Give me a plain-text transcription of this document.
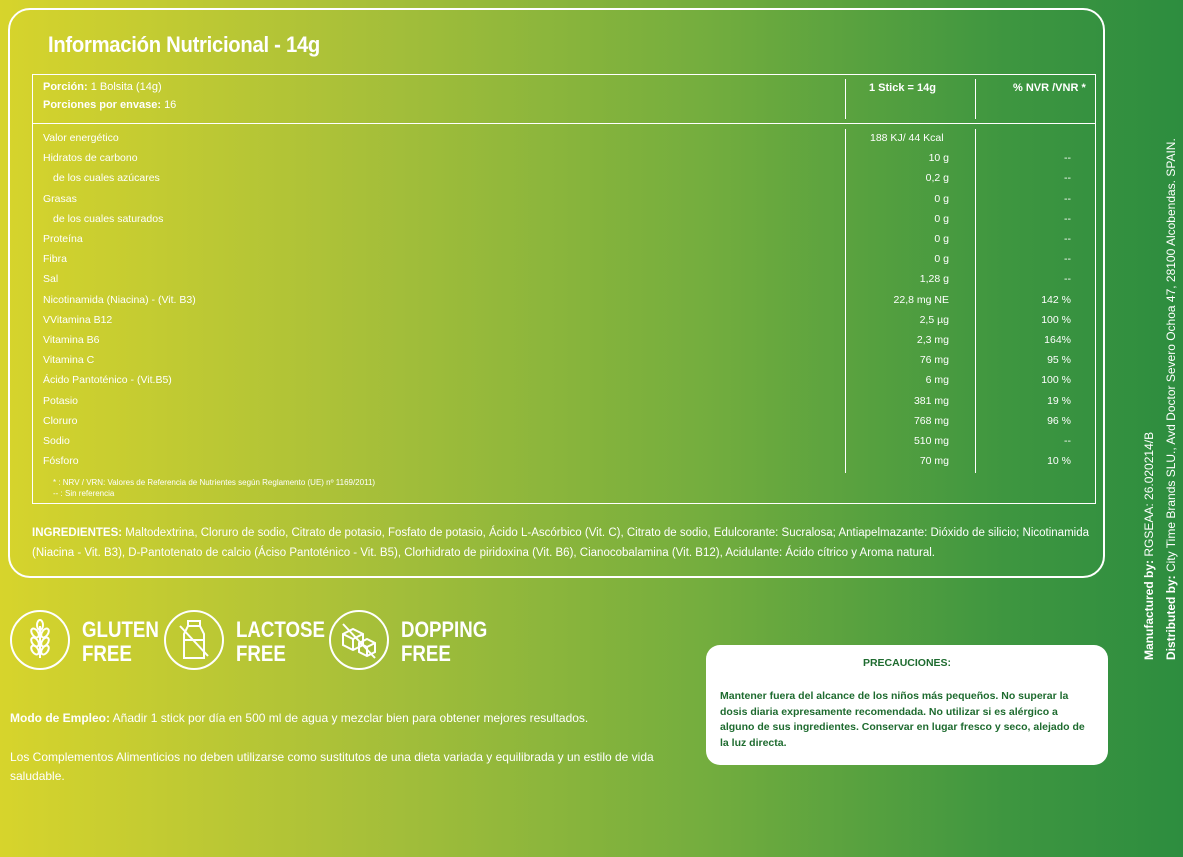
Información Nutricional - 14g
Porción: 1 Bolsita (14g)
Porciones por envase: 16
1 Stick = 14g	% NVR /VNR *
Valor energético	188 KJ/ 44 Kcal
Hidratos de carbono	10 g	--
de los cuales azúcares	0,2 g	--
Grasas	0 g	--
de los cuales saturados	0 g	--
Proteína	0 g	--
Fibra	0 g	--
Sal	1,28 g	--
Nicotinamida (Niacina) - (Vit. B3)	22,8 mg NE	142 %
VVitamina B12	2,5 µg	100 %
Vitamina B6	2,3 mg	164%
Vitamina C	76 mg	95 %
Ácido Pantoténico - (Vit.B5)	6 mg	100 %
Potasio	381 mg	19 %
Cloruro	768 mg	96 %
Sodio	510 mg	--
Fósforo	70 mg	10 %
* : NRV / VRN: Valores de Referencia de Nutrientes según Reglamento (UE) nº 1169/2011)
-- : Sin referencia
INGREDIENTES: Maltodextrina, Cloruro de sodio, Citrato de potasio, Fosfato de potasio, Ácido L-Ascórbico (Vit. C), Citrato de sodio, Edulcorante: Sucralosa; Antiapelmazante: Dióxido de silicio; Nicotinamida (Niacina - Vit. B3), D-Pantotenato de calcio (Áciso Pantoténico - Vit. B5), Clorhidrato de piridoxina (Vit. B6), Cianocobalamina (Vit. B12), Acidulante: Ácido cítrico y Aroma natural.
GLUTEN
FREE
LACTOSE
FREE
DOPPING
FREE
Modo de Empleo: Añadir 1 stick por día en 500 ml de agua y mezclar bien para obtener mejores resultados.
Los Complementos Alimenticios no deben utilizarse como sustitutos de una dieta variada y equilibrada y un estilo de vida saludable.
PRECAUCIONES:
Mantener fuera del alcance de los niños más pequeños. No superar la dosis diaria expresamente recomendada. No utilizar si es alérgico a alguno de sus ingredientes. Conservar en lugar fresco y seco, alejado de la luz directa.
Manufactured by: RGSEAA: 26.020214/B
Distributed by: City Time Brands SLU., Avd Doctor Severo Ochoa 47, 28100 Alcobendas. SPAIN.
